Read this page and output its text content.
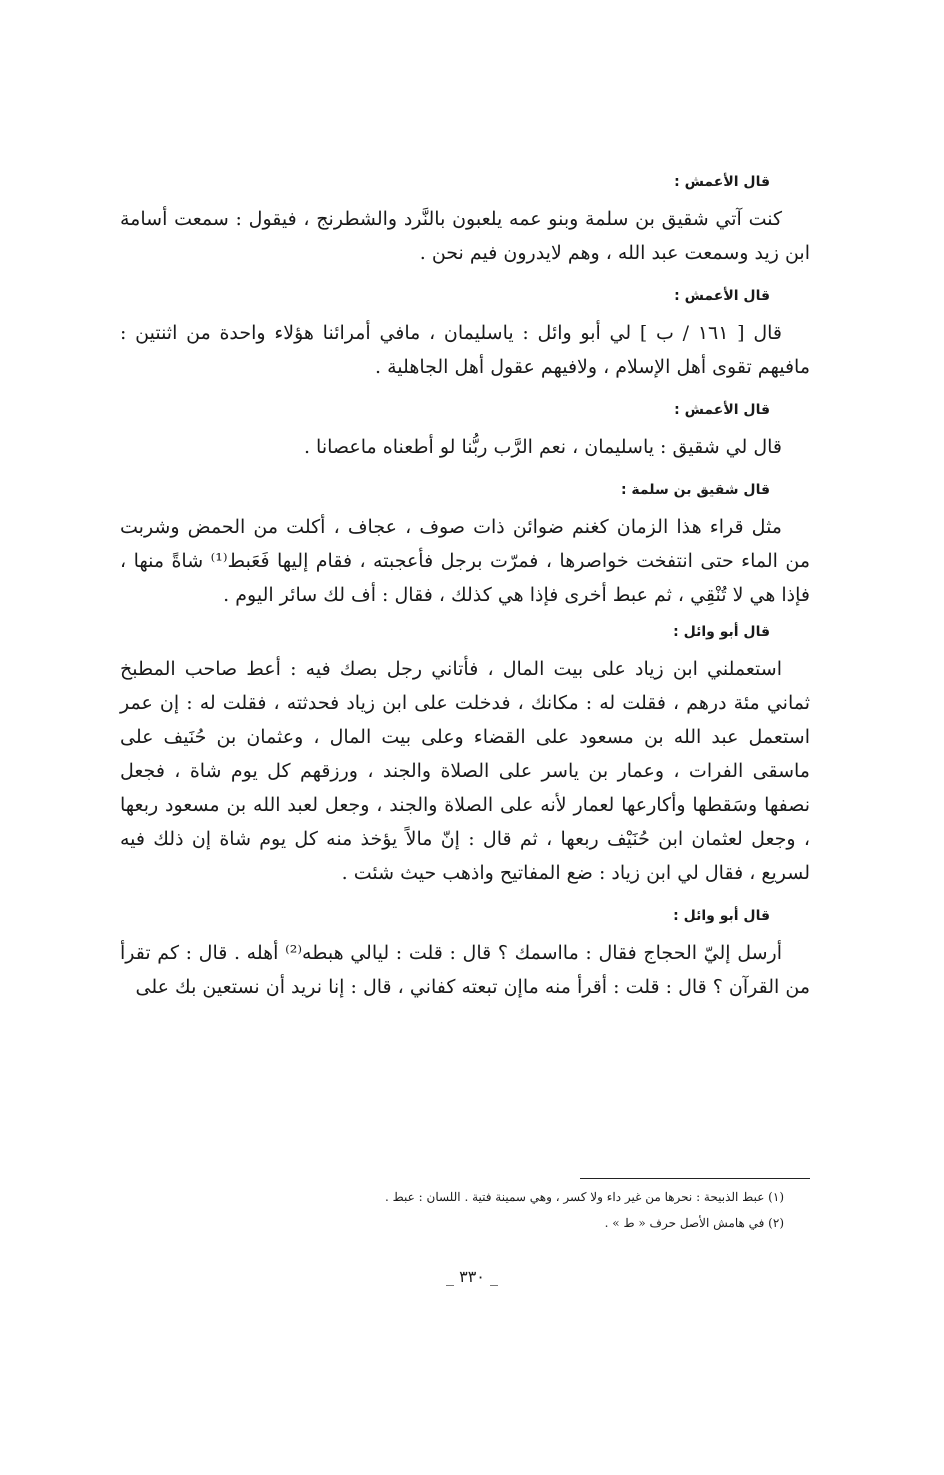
قال الأعمش :

كنت آتي شقيق بن سلمة وبنو عمه يلعبون بالنَّرد والشطرنج ، فيقول : سمعت أسامة ابن زيد وسمعت عبد الله ، وهم لايدرون فيم نحن .

قال الأعمش :

قال [ ١٦١ / ب ] لي أبو وائل : ياسليمان ، مافي أمرائنا هؤلاء واحدة من اثنتين : مافيهم تقوى أهل الإسلام ، ولافيهم عقول أهل الجاهلية .

قال الأعمش :

قال لي شقيق : ياسليمان ، نعم الرَّب ربُّنا لو أطعناه ماعصانا .

قال شقيق بن سلمة :

مثل قراء هذا الزمان كغنم ضوائن ذات صوف ، عجاف ، أكلت من الحمض وشربت من الماء حتى انتفخت خواصرها ، فمرّت برجل فأعجبته ، فقام إليها فَعَبط⁽¹⁾ شاةً منها ، فإذا هي لا تُنْقِي ، ثم عبط أخرى فإذا هي كذلك ، فقال : أف لك سائر اليوم .

قال أبو وائل :

استعملني ابن زياد على بيت المال ، فأتاني رجل بصك فيه : أعط صاحب المطبخ ثماني مئة درهم ، فقلت له : مكانك ، فدخلت على ابن زياد فحدثته ، فقلت له : إن عمر استعمل عبد الله بن مسعود على القضاء وعلى بيت المال ، وعثمان بن حُنَيف على ماسقى الفرات ، وعمار بن ياسر على الصلاة والجند ، ورزقهم كل يوم شاة ، فجعل نصفها وسَقطها وأكارعها لعمار لأنه على الصلاة والجند ، وجعل لعبد الله بن مسعود ربعها ، وجعل لعثمان ابن حُنَيْف ربعها ، ثم قال : إنّ مالاً يؤخذ منه كل يوم شاة إن ذلك فيه لسريع ، فقال لي ابن زياد : ضع المفاتيح واذهب حيث شئت .

قال أبو وائل :

أرسل إليّ الحجاج فقال : مااسمك ؟ قال : قلت : ليالي هبطه⁽²⁾ أهله . قال : كم تقرأ من القرآن ؟ قال : قلت : أقرأ منه ماإن تبعته كفاني ، قال : إنا نريد أن نستعين بك على

(١) عبط الذبيحة : نحرها من غير داء ولا كسر ، وهي سمينة فتية . اللسان : عبط .

(٢) في هامش الأصل حرف « ط » .

_ ٣٣٠ _
